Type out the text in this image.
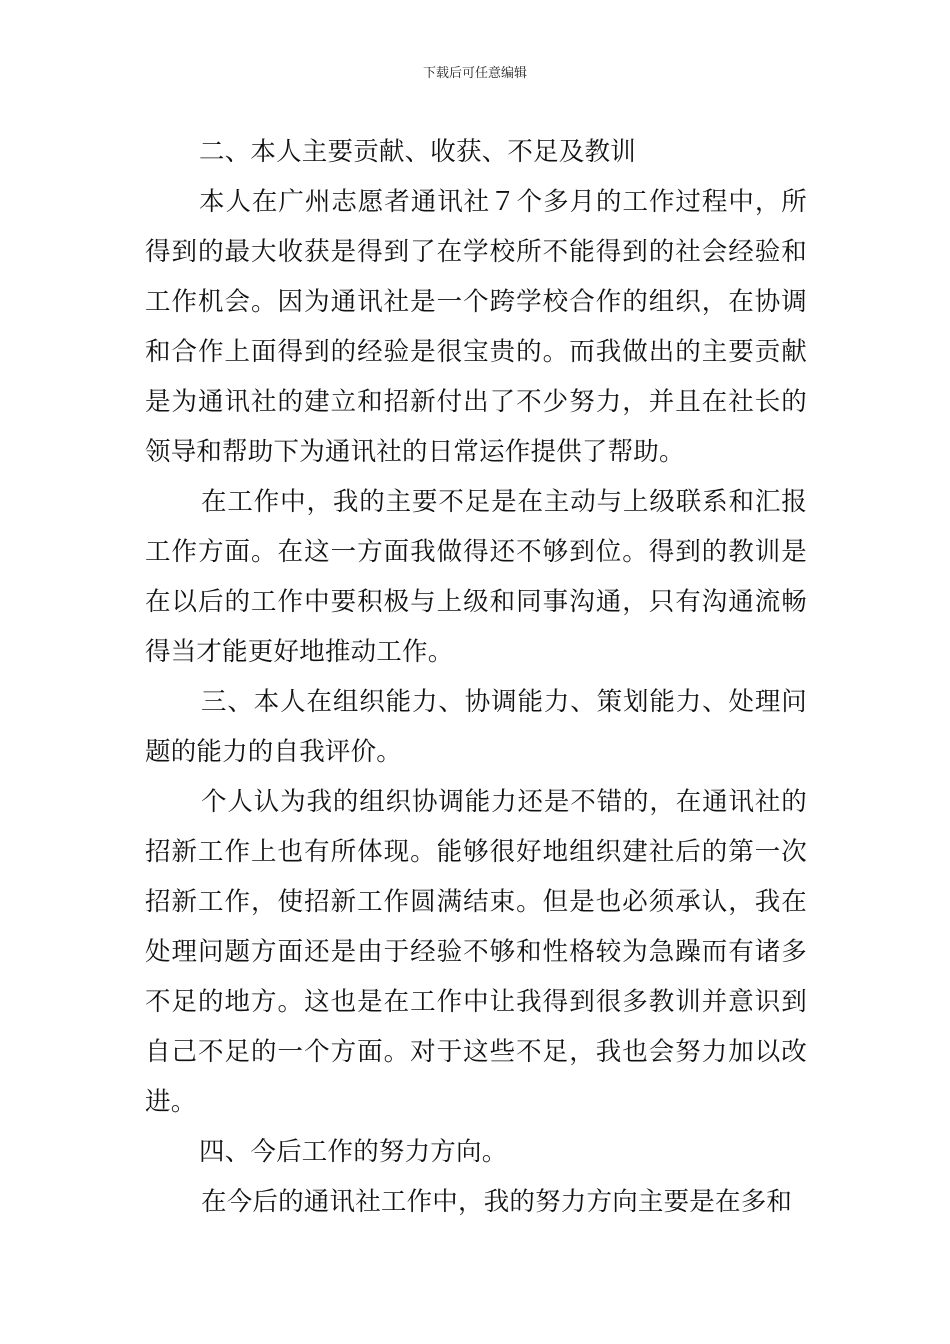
下载后可任意编辑

二、本人主要贡献、收获、不足及教训

本人在广州志愿者通讯社７个多月的工作过程中，所得到的最大收获是得到了在学校所不能得到的社会经验和工作机会。因为通讯社是一个跨学校合作的组织，在协调和合作上面得到的经验是很宝贵的。而我做出的主要贡献是为通讯社的建立和招新付出了不少努力，并且在社长的领导和帮助下为通讯社的日常运作提供了帮助。

在工作中，我的主要不足是在主动与上级联系和汇报工作方面。在这一方面我做得还不够到位。得到的教训是在以后的工作中要积极与上级和同事沟通，只有沟通流畅得当才能更好地推动工作。

三、本人在组织能力、协调能力、策划能力、处理问题的能力的自我评价。

个人认为我的组织协调能力还是不错的，在通讯社的招新工作上也有所体现。能够很好地组织建社后的第一次招新工作，使招新工作圆满结束。但是也必须承认，我在处理问题方面还是由于经验不够和性格较为急躁而有诸多不足的地方。这也是在工作中让我得到很多教训并意识到自己不足的一个方面。对于这些不足，我也会努力加以改进。

四、今后工作的努力方向。

在今后的通讯社工作中，我的努力方向主要是在多和
